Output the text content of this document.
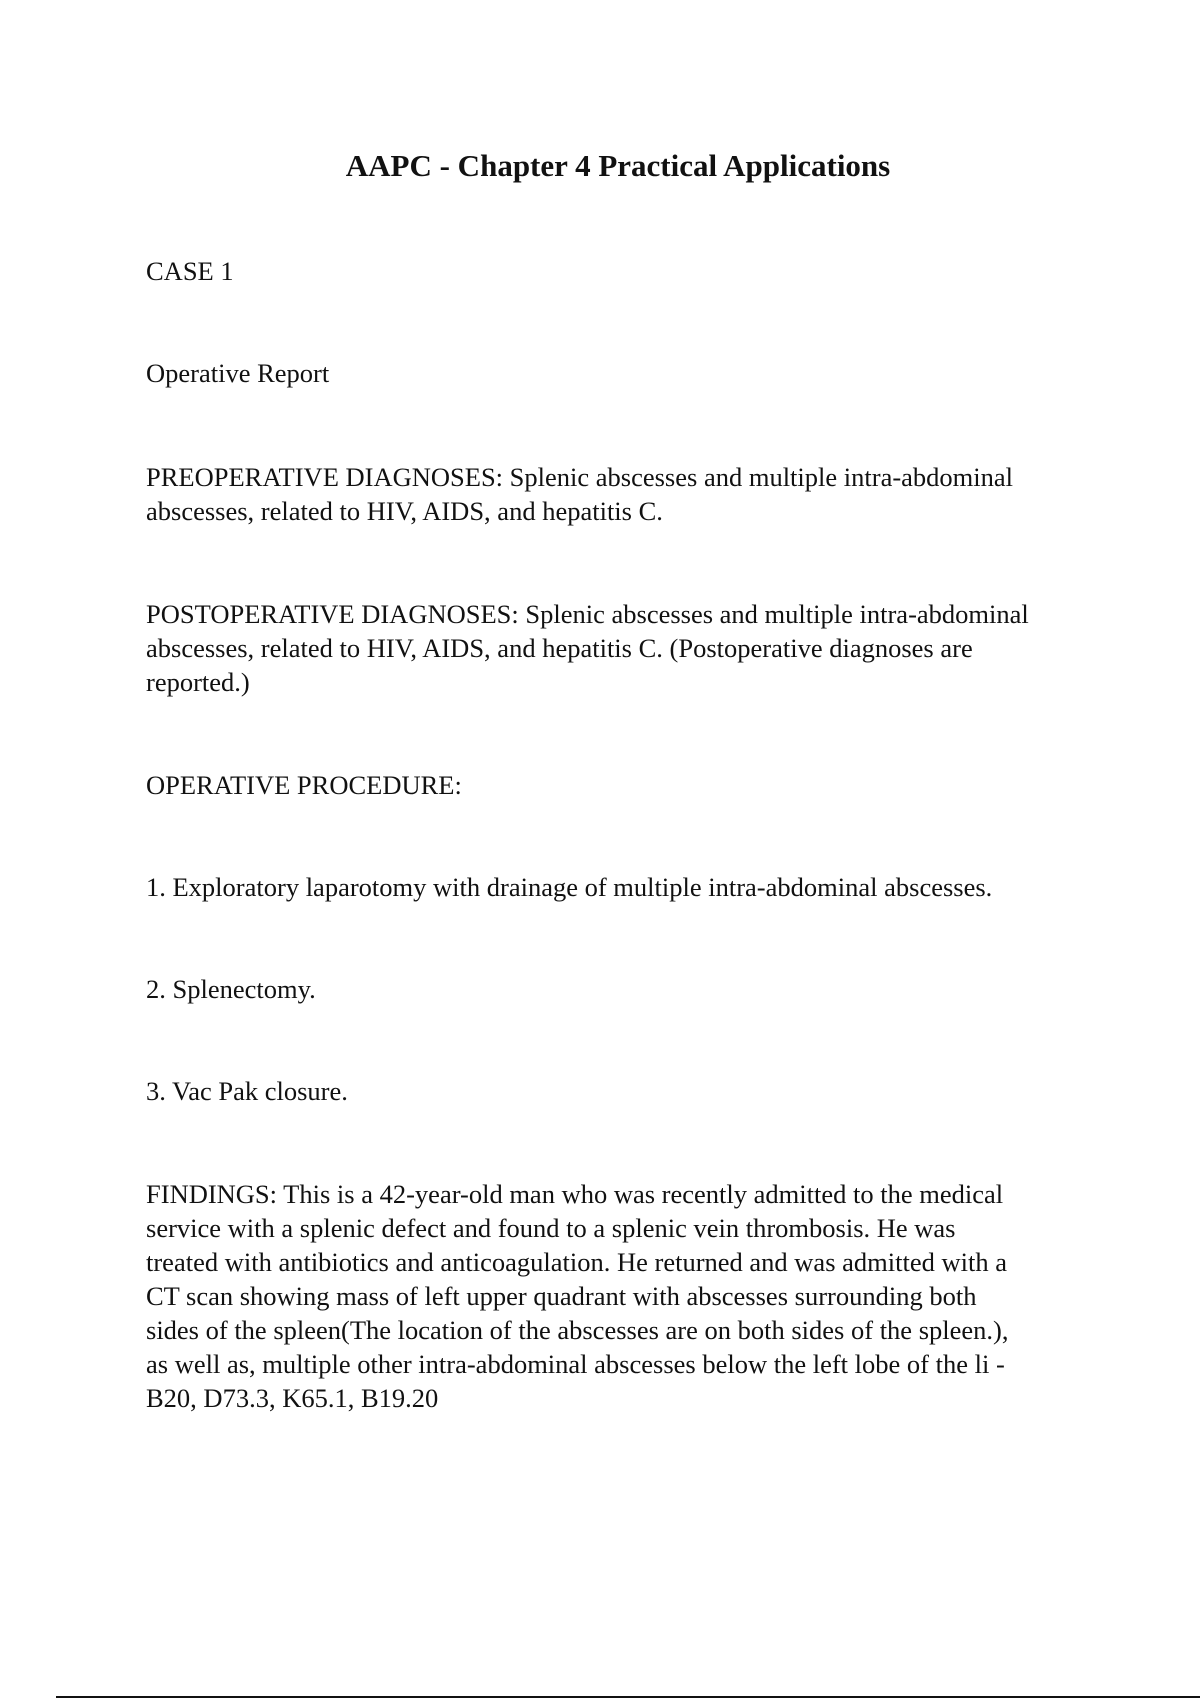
AAPC - Chapter 4 Practical Applications
CASE 1
Operative Report
PREOPERATIVE DIAGNOSES: Splenic abscesses and multiple intra-abdominal
abscesses, related to HIV, AIDS, and hepatitis C.
POSTOPERATIVE DIAGNOSES: Splenic abscesses and multiple intra-abdominal
abscesses, related to HIV, AIDS, and hepatitis C. (Postoperative diagnoses are
reported.)
OPERATIVE PROCEDURE:
1. Exploratory laparotomy with drainage of multiple intra-abdominal abscesses.
2. Splenectomy.
3. Vac Pak closure.
FINDINGS: This is a 42-year-old man who was recently admitted to the medical
service with a splenic defect and found to a splenic vein thrombosis. He was
treated with antibiotics and anticoagulation. He returned and was admitted with a
CT scan showing mass of left upper quadrant with abscesses surrounding both
sides of the spleen(The location of the abscesses are on both sides of the spleen.),
as well as, multiple other intra-abdominal abscesses below the left lobe of the li -
B20, D73.3, K65.1, B19.20
